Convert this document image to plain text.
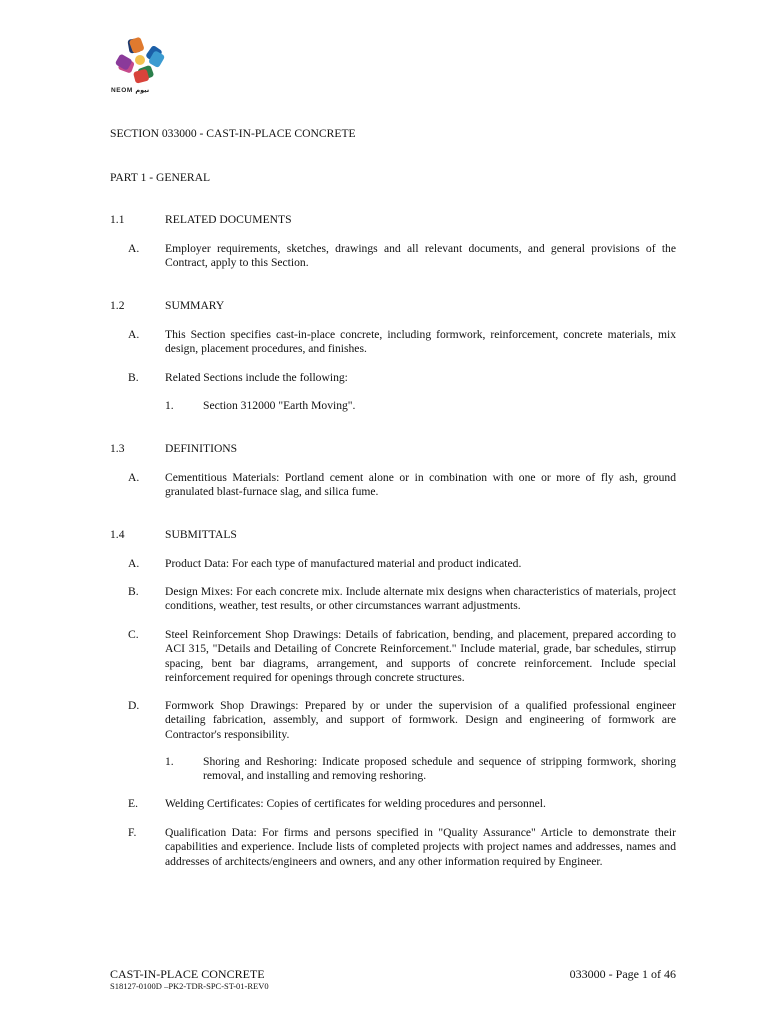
NEOM نيوم
SECTION 033000 - CAST-IN-PLACE CONCRETE
PART 1 - GENERAL
1.1	RELATED DOCUMENTS
A. Employer requirements, sketches, drawings and all relevant documents, and general provisions of the Contract, apply to this Section.
1.2	SUMMARY
A. This Section specifies cast-in-place concrete, including formwork, reinforcement, concrete materials, mix design, placement procedures, and finishes.
B. Related Sections include the following:
1.	Section 312000 "Earth Moving".
1.3	DEFINITIONS
A. Cementitious Materials: Portland cement alone or in combination with one or more of fly ash, ground granulated blast-furnace slag, and silica fume.
1.4	SUBMITTALS
A. Product Data: For each type of manufactured material and product indicated.
B. Design Mixes: For each concrete mix. Include alternate mix designs when characteristics of materials, project conditions, weather, test results, or other circumstances warrant adjustments.
C. Steel Reinforcement Shop Drawings: Details of fabrication, bending, and placement, prepared according to ACI 315, "Details and Detailing of Concrete Reinforcement." Include material, grade, bar schedules, stirrup spacing, bent bar diagrams, arrangement, and supports of concrete reinforcement. Include special reinforcement required for openings through concrete structures.
D. Formwork Shop Drawings: Prepared by or under the supervision of a qualified professional engineer detailing fabrication, assembly, and support of formwork. Design and engineering of formwork are Contractor's responsibility.
1.	Shoring and Reshoring: Indicate proposed schedule and sequence of stripping formwork, shoring removal, and installing and removing reshoring.
E. Welding Certificates: Copies of certificates for welding procedures and personnel.
F. Qualification Data: For firms and persons specified in "Quality Assurance" Article to demonstrate their capabilities and experience. Include lists of completed projects with project names and addresses, names and addresses of architects/engineers and owners, and any other information required by Engineer.
CAST-IN-PLACE CONCRETE
S18127-0100D –PK2-TDR-SPC-ST-01-REV0
033000 - Page 1 of 46
